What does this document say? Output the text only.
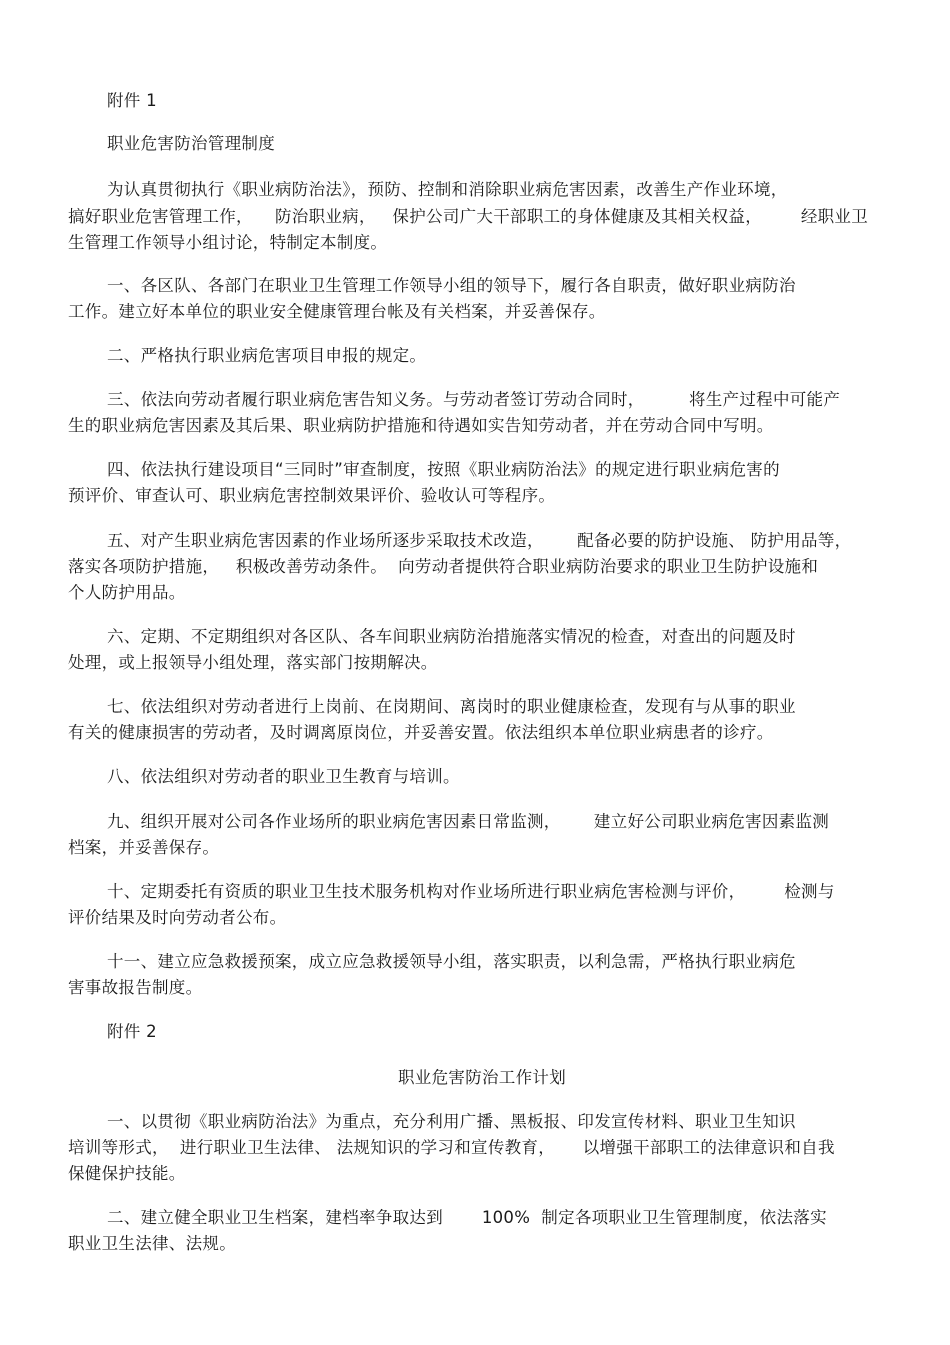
附件 1
职业危害防治管理制度
为认真贯彻执行《职业病防治法》，预防、控制和消除职业病危害因素，改善生产作业环境，
搞好职业危害管理工作，    防治职业病，   保护公司广大干部职工的身体健康及其相关权益，       经职业卫
生管理工作领导小组讨论，特制定本制度。
一、各区队、各部门在职业卫生管理工作领导小组的领导下，履行各自职责，做好职业病防治
工作。建立好本单位的职业安全健康管理台帐及有关档案，并妥善保存。
二、严格执行职业病危害项目申报的规定。
三、依法向劳动者履行职业病危害告知义务。与劳动者签订劳动合同时，        将生产过程中可能产
生的职业病危害因素及其后果、职业病防护措施和待遇如实告知劳动者，并在劳动合同中写明。
四、依法执行建设项目“三同时”审查制度，按照《职业病防治法》的规定进行职业病危害的
预评价、审查认可、职业病危害控制效果评价、验收认可等程序。
五、对产生职业病危害因素的作业场所逐步采取技术改造，      配备必要的防护设施、 防护用品等，
落实各项防护措施，   积极改善劳动条件。  向劳动者提供符合职业病防治要求的职业卫生防护设施和
个人防护用品。
六、定期、不定期组织对各区队、各车间职业病防治措施落实情况的检查，对查出的问题及时
处理，或上报领导小组处理，落实部门按期解决。
七、依法组织对劳动者进行上岗前、在岗期间、离岗时的职业健康检查，发现有与从事的职业
有关的健康损害的劳动者，及时调离原岗位，并妥善安置。依法组织本单位职业病患者的诊疗。
八、依法组织对劳动者的职业卫生教育与培训。
九、组织开展对公司各作业场所的职业病危害因素日常监测，      建立好公司职业病危害因素监测
档案，并妥善保存。
十、定期委托有资质的职业卫生技术服务机构对作业场所进行职业病危害检测与评价，       检测与
评价结果及时向劳动者公布。
十一、建立应急救援预案，成立应急救援领导小组，落实职责，以利急需，严格执行职业病危
害事故报告制度。
附件 2
职业危害防治工作计划
一、以贯彻《职业病防治法》为重点，充分利用广播、黑板报、印发宣传材料、职业卫生知识
培训等形式，  进行职业卫生法律、 法规知识的学习和宣传教育，     以增强干部职工的法律意识和自我
保健保护技能。
二、建立健全职业卫生档案，建档率争取达到       100%  制定各项职业卫生管理制度，依法落实
职业卫生法律、法规。
